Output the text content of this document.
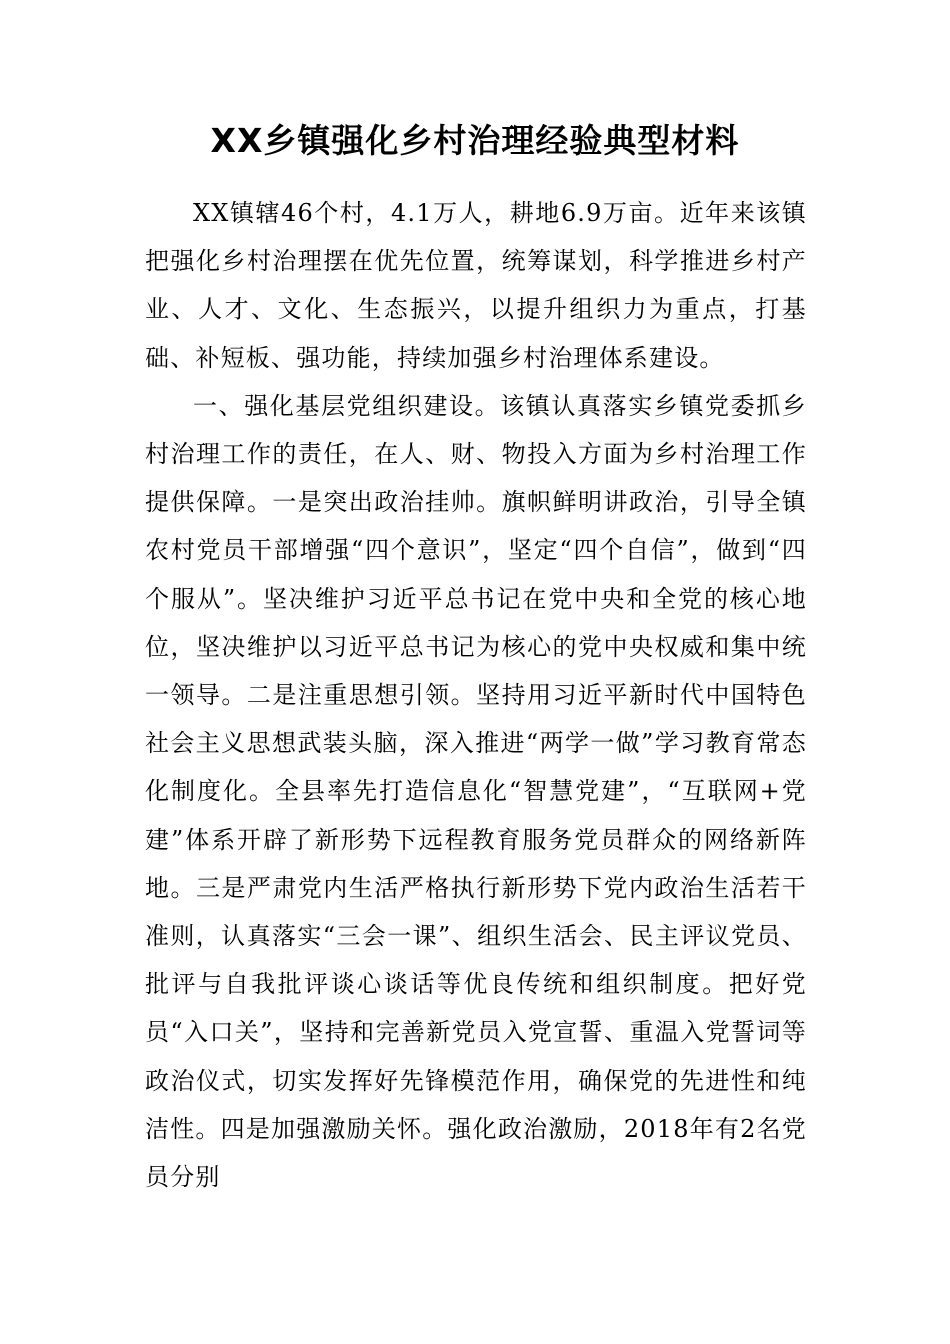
XX乡镇强化乡村治理经验典型材料

XX镇辖46个村，4.1万人，耕地6.9万亩。近年来该镇把强化乡村治理摆在优先位置，统筹谋划，科学推进乡村产业、人才、文化、生态振兴，以提升组织力为重点，打基础、补短板、强功能，持续加强乡村治理体系建设。

一、强化基层党组织建设。该镇认真落实乡镇党委抓乡村治理工作的责任，在人、财、物投入方面为乡村治理工作提供保障。一是突出政治挂帅。旗帜鲜明讲政治，引导全镇农村党员干部增强“四个意识”，坚定“四个自信”，做到“四个服从”。坚决维护习近平总书记在党中央和全党的核心地位，坚决维护以习近平总书记为核心的党中央权威和集中统一领导。二是注重思想引领。坚持用习近平新时代中国特色社会主义思想武装头脑，深入推进“两学一做”学习教育常态化制度化。全县率先打造信息化“智慧党建”，“互联网+党建”体系开辟了新形势下远程教育服务党员群众的网络新阵地。三是严肃党内生活严格执行新形势下党内政治生活若干准则，认真落实“三会一课”、组织生活会、民主评议党员、批评与自我批评谈心谈话等优良传统和组织制度。把好党员“入口关”，坚持和完善新党员入党宣誓、重温入党誓词等政治仪式，切实发挥好先锋模范作用，确保党的先进性和纯洁性。四是加强激励关怀。强化政治激励，2018年有2名党员分别
